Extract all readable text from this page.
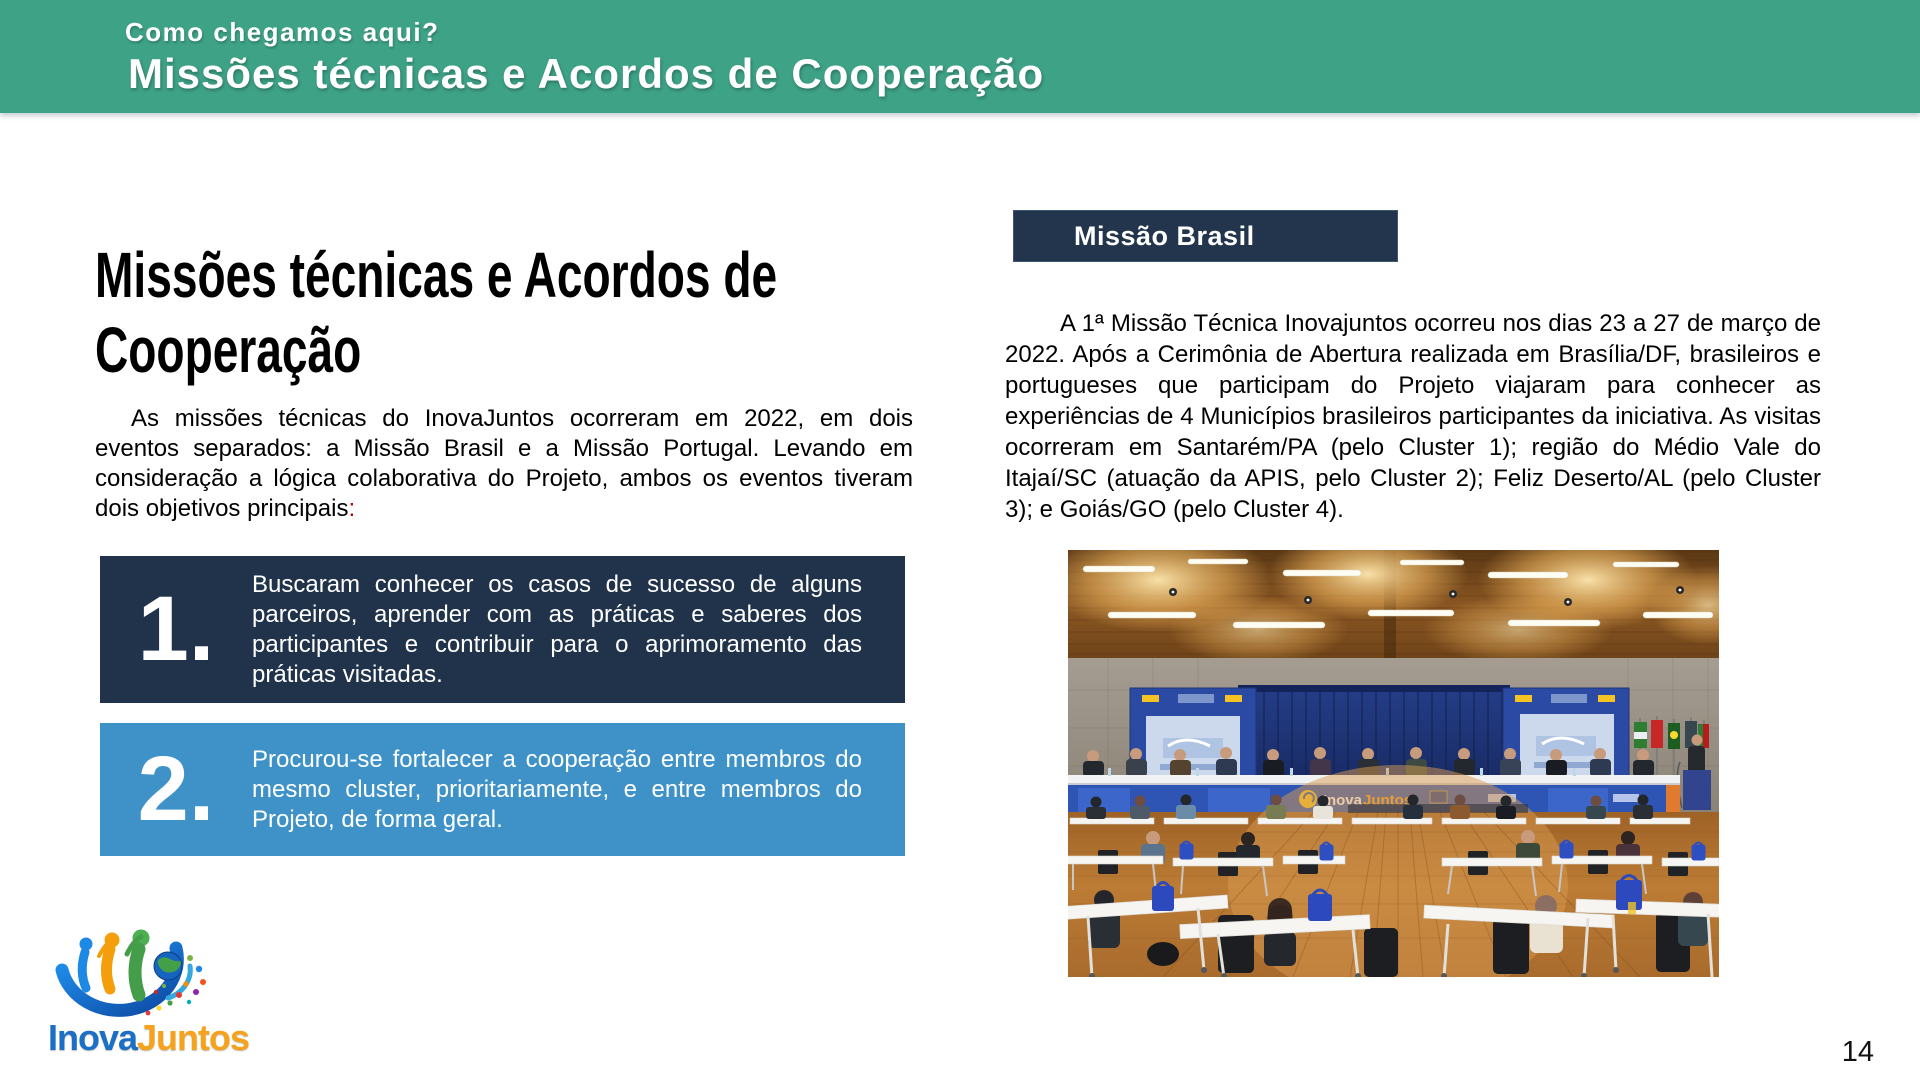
Como chegamos aqui?
Missões técnicas e Acordos de Cooperação
Missões técnicas e Acordos de
Cooperação

As missões técnicas do InovaJuntos ocorreram em 2022, em dois eventos separados: a Missão Brasil e a Missão Portugal. Levando em consideração a lógica colaborativa do Projeto, ambos os eventos tiveram dois objetivos principais:

1.	Buscaram conhecer os casos de sucesso de alguns parceiros, aprender com as práticas e saberes dos participantes e contribuir para o aprimoramento das práticas visitadas.
2.	Procurou-se fortalecer a cooperação entre membros do mesmo cluster, prioritariamente, e entre membros do Projeto, de forma geral.
Missão Brasil

A 1ª Missão Técnica Inovajuntos ocorreu nos dias 23 a 27 de março de 2022. Após a Cerimônia de Abertura realizada em Brasília/DF, brasileiros e portugueses que participam do Projeto viajaram para conhecer as experiências de 4 Municípios brasileiros participantes da iniciativa. As visitas ocorreram em Santarém/PA (pelo Cluster 1); região do Médio Vale do Itajaí/SC (atuação da APIS, pelo Cluster 2); Feliz Deserto/AL (pelo Cluster 3); e Goiás/GO (pelo Cluster 4).

InovaJuntos	14
